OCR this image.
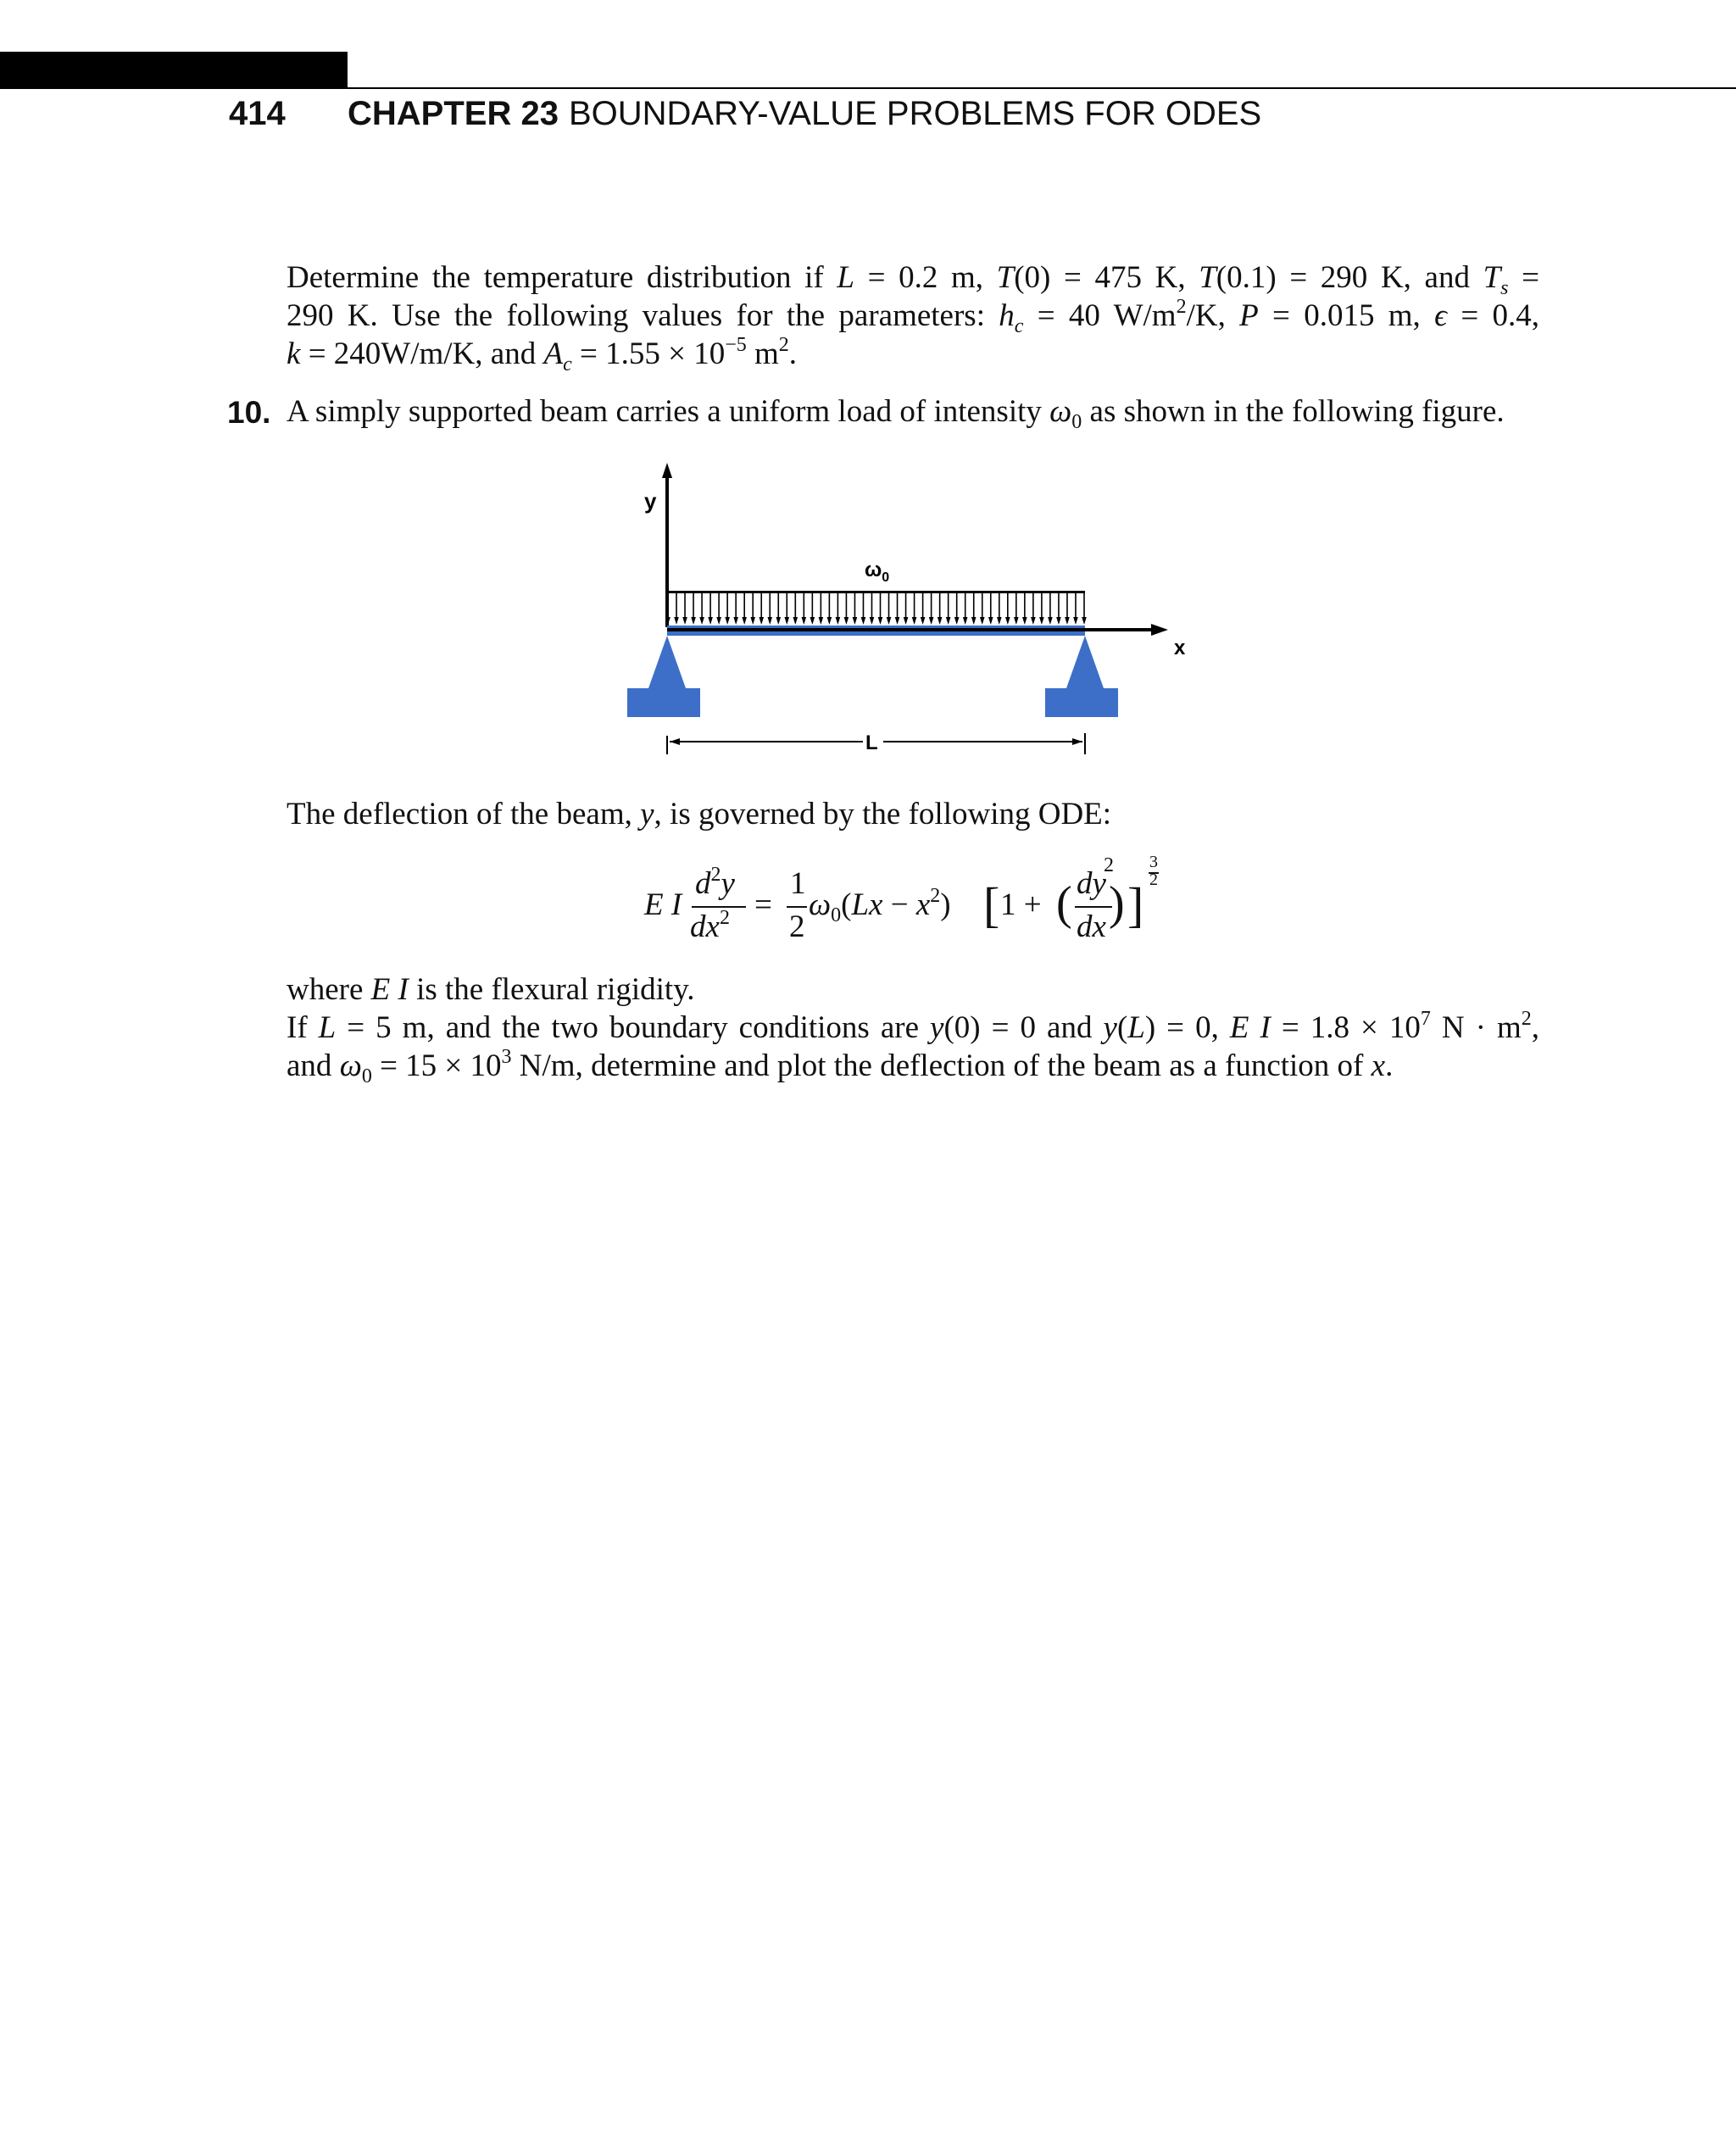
414 CHAPTER 23 BOUNDARY-VALUE PROBLEMS FOR ODES
Determine the temperature distribution if L = 0.2 m, T(0) = 475 K, T(0.1) = 290 K, and $T_s$ =
290 K. Use the following values for the parameters: $h_c = 40$ $W/m^2/K$, P = 0.015 m, ϵ = 0.4,
k = 240W/m/K, and $A_c = 1.55 \times 10^{-5}$ $m^2$.
10. A simply supported beam carries a uniform load of intensity $\omega_0$ as shown in the following figure.
y
$\omega_0$
x
L
The deflection of the beam, y, is governed by the following ODE:
E I
$d^2y$
$dx^2$ =
1
2
$\omega_0(Lx - x^2)$ [ 1 + ( dy
dx )
2
]
3
2
where E I is the flexural rigidity.
If L = 5 m, and the two boundary conditions are y(0) = 0 and y(L) = 0, E $I = 1.8 \times 10^7$ $N \cdot m^2$,
and $\omega_0 = 15 \times 10^3$ N/m, determine and plot the deflection of the beam as a function of x.
